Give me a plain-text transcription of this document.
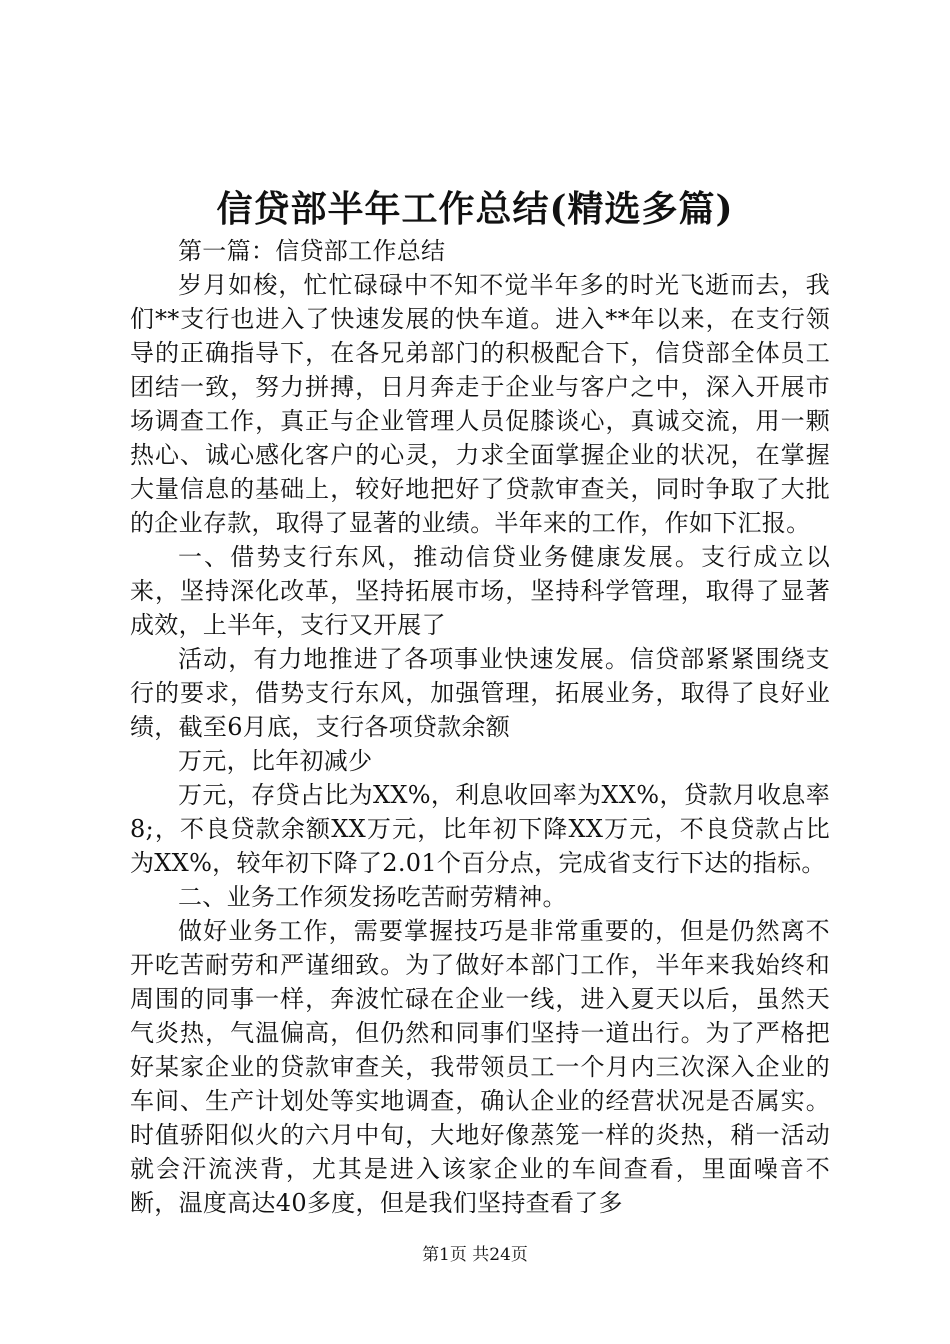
信贷部半年工作总结(精选多篇)

第一篇：信贷部工作总结

岁月如梭，忙忙碌碌中不知不觉半年多的时光飞逝而去，我们**支行也进入了快速发展的快车道。进入**年以来，在支行领导的正确指导下，在各兄弟部门的积极配合下，信贷部全体员工团结一致，努力拼搏，日月奔走于企业与客户之中，深入开展市场调查工作，真正与企业管理人员促膝谈心，真诚交流，用一颗热心、诚心感化客户的心灵，力求全面掌握企业的状况，在掌握大量信息的基础上，较好地把好了贷款审查关，同时争取了大批的企业存款，取得了显著的业绩。半年来的工作，作如下汇报。

一、借势支行东风，推动信贷业务健康发展。支行成立以来，坚持深化改革，坚持拓展市场，坚持科学管理，取得了显著成效，上半年，支行又开展了

活动，有力地推进了各项事业快速发展。信贷部紧紧围绕支行的要求，借势支行东风，加强管理，拓展业务，取得了良好业绩，截至6月底，支行各项贷款余额

万元，比年初减少

万元，存贷占比为XX%，利息收回率为XX%，贷款月收息率8;，不良贷款余额XX万元，比年初下降XX万元，不良贷款占比为XX%，较年初下降了2.01个百分点，完成省支行下达的指标。

二、业务工作须发扬吃苦耐劳精神。

做好业务工作，需要掌握技巧是非常重要的，但是仍然离不开吃苦耐劳和严谨细致。为了做好本部门工作，半年来我始终和周围的同事一样，奔波忙碌在企业一线，进入夏天以后，虽然天气炎热，气温偏高，但仍然和同事们坚持一道出行。为了严格把好某家企业的贷款审查关，我带领员工一个月内三次深入企业的车间、生产计划处等实地调查，确认企业的经营状况是否属实。时值骄阳似火的六月中旬，大地好像蒸笼一样的炎热，稍一活动就会汗流浃背，尤其是进入该家企业的车间查看，里面噪音不断，温度高达40多度，但是我们坚持查看了多

第1页 共24页
